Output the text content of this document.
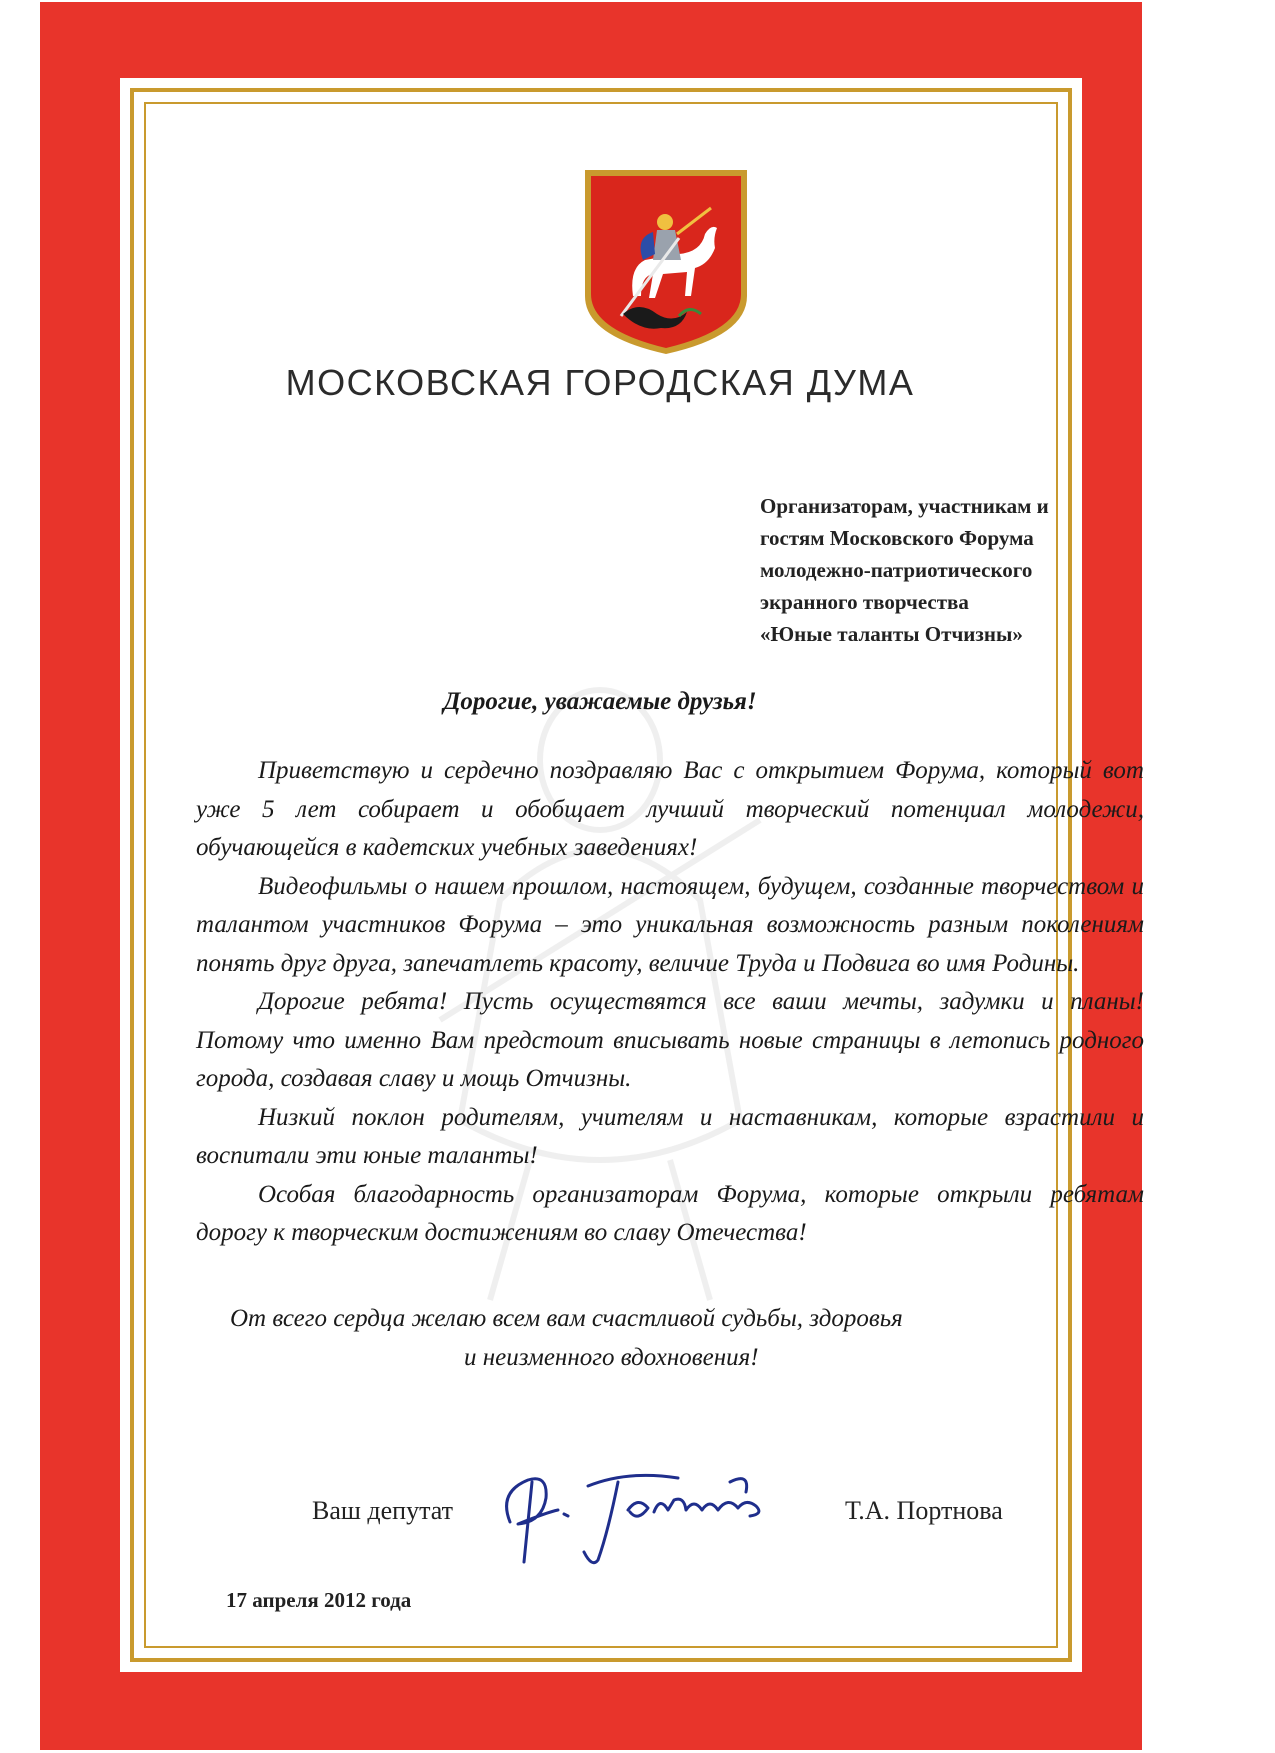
МОСКОВСКАЯ ГОРОДСКАЯ ДУМА
Организаторам, участникам и
гостям Московского Форума
молодежно-патриотического
экранного творчества
«Юные таланты Отчизны»
Дорогие, уважаемые друзья!

Приветствую и сердечно поздравляю Вас с открытием Форума, который вот уже 5 лет собирает и обобщает лучший творческий потенциал молодежи, обучающейся в кадетских учебных заведениях!

Видеофильмы о нашем прошлом, настоящем, будущем, созданные творчеством и талантом участников Форума – это уникальная возможность разным поколениям понять друг друга, запечатлеть красоту, величие Труда и Подвига во имя Родины.

Дорогие ребята! Пусть осуществятся все ваши мечты, задумки и планы! Потому что именно Вам предстоит вписывать новые страницы в летопись родного города, создавая славу и мощь Отчизны.

Низкий поклон родителям, учителям и наставникам, которые взрастили и воспитали эти юные таланты!

Особая благодарность организаторам Форума, которые открыли ребятам дорогу к творческим достижениям во славу Отечества!

От всего сердца желаю всем вам счастливой судьбы, здоровья
и неизменного вдохновения!
Ваш депутат	Т.А. Портнова
17 апреля 2012 года
